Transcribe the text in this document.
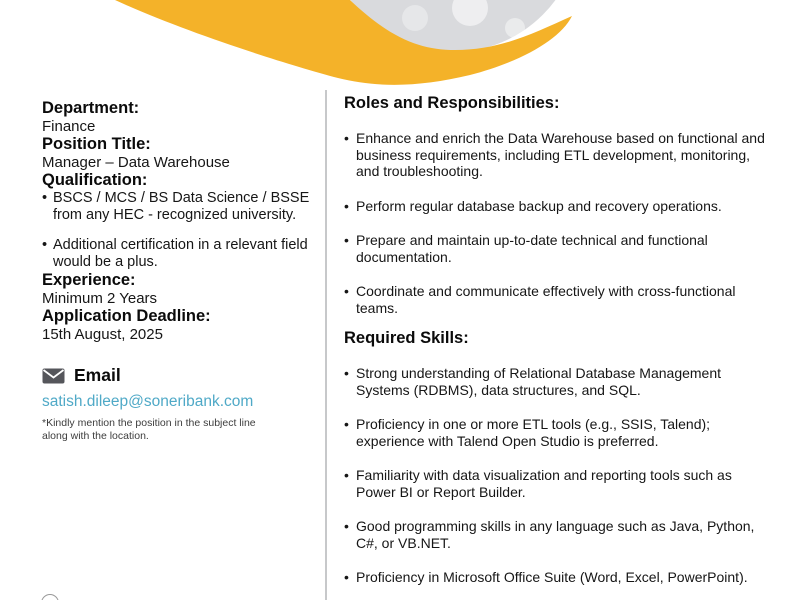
Department:

Finance

Position Title:

Manager – Data Warehouse

Qualification:
• BSCS / MCS / BS Data Science / BSSE from any HEC - recognized university.
• Additional certification in a relevant field would be a plus.
Experience:

Minimum 2 Years

Application Deadline:

15th August, 2025

Email
satish.dileep@soneribank.com

*Kindly mention the position in the subject line
along with the location.

Roles and Responsibilities:
• Enhance and enrich the Data Warehouse based on functional and business requirements, including ETL development, monitoring, and troubleshooting.
• Perform regular database backup and recovery operations.
• Prepare and maintain up-to-date technical and functional documentation.
• Coordinate and communicate effectively with cross-functional teams.
Required Skills:
• Strong understanding of Relational Database Management Systems (RDBMS), data structures, and SQL.
• Proficiency in one or more ETL tools (e.g., SSIS, Talend); experience with Talend Open Studio is preferred.
• Familiarity with data visualization and reporting tools such as Power BI or Report Builder.
• Good programming skills in any language such as Java, Python, C#, or VB.NET.
• Proficiency in Microsoft Office Suite (Word, Excel, PowerPoint).
